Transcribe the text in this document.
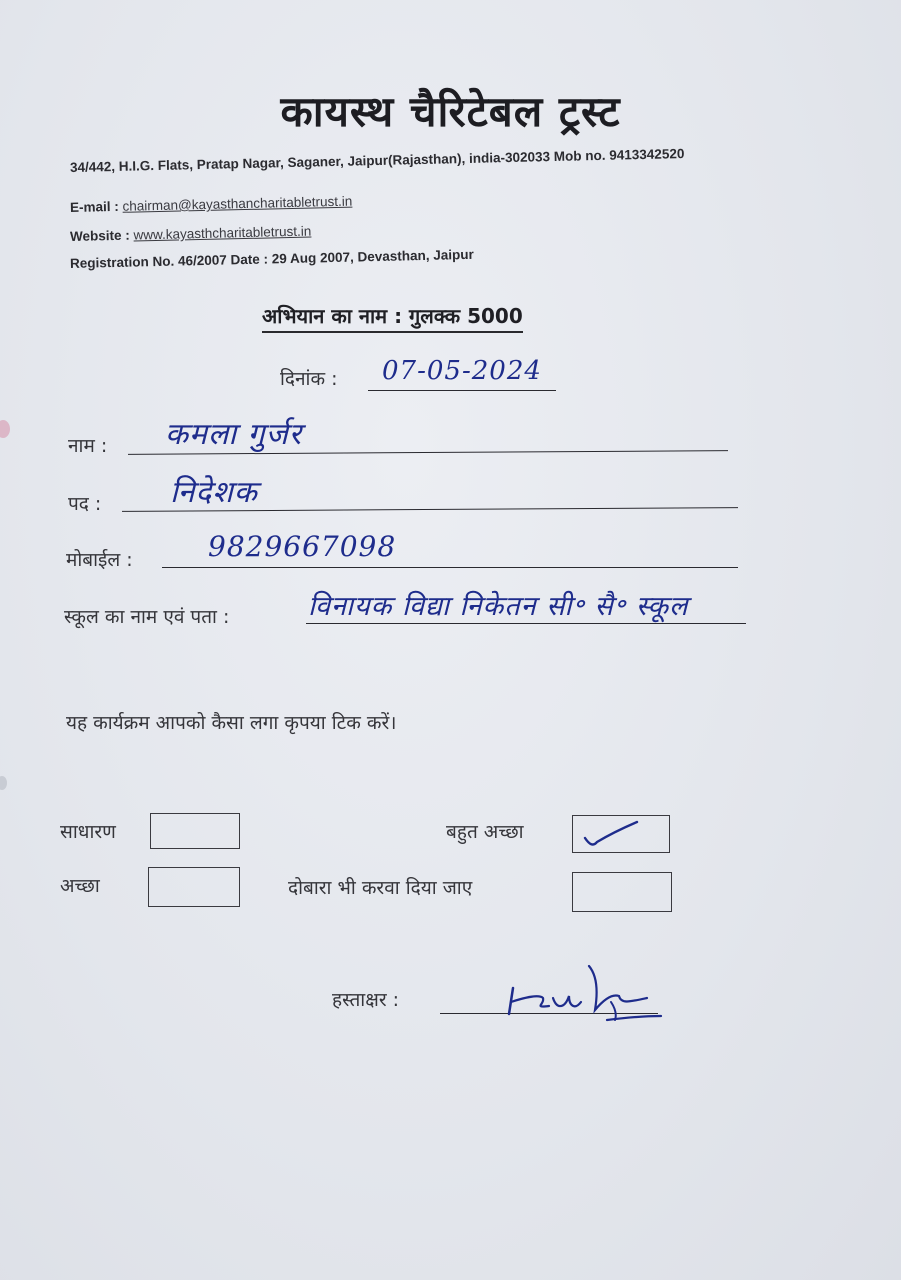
कायस्थ चैरिटेबल ट्रस्ट
34/442, H.I.G. Flats, Pratap Nagar, Saganer, Jaipur(Rajasthan), india-302033 Mob no. 9413342520
E-mail : chairman@kayasthancharitabletrust.in
Website : www.kayasthcharitabletrust.in
Registration No. 46/2007 Date : 29 Aug 2007, Devasthan, Jaipur
अभियान का नाम : गुलक्क 5000
दिनांक : 07-05-2024
नाम : कमला गुर्जर
पद : निदेशक
मोबाईल :	9829667098
स्कूल का नाम एवं पता :	विनायक विद्या निकेतन सी॰ सै॰ स्कूल
यह कार्यक्रम आपको कैसा लगा कृपया टिक करें।
साधारण	बहुत अच्छा
अच्छा	दोबारा भी करवा दिया जाए
हस्ताक्षर :
